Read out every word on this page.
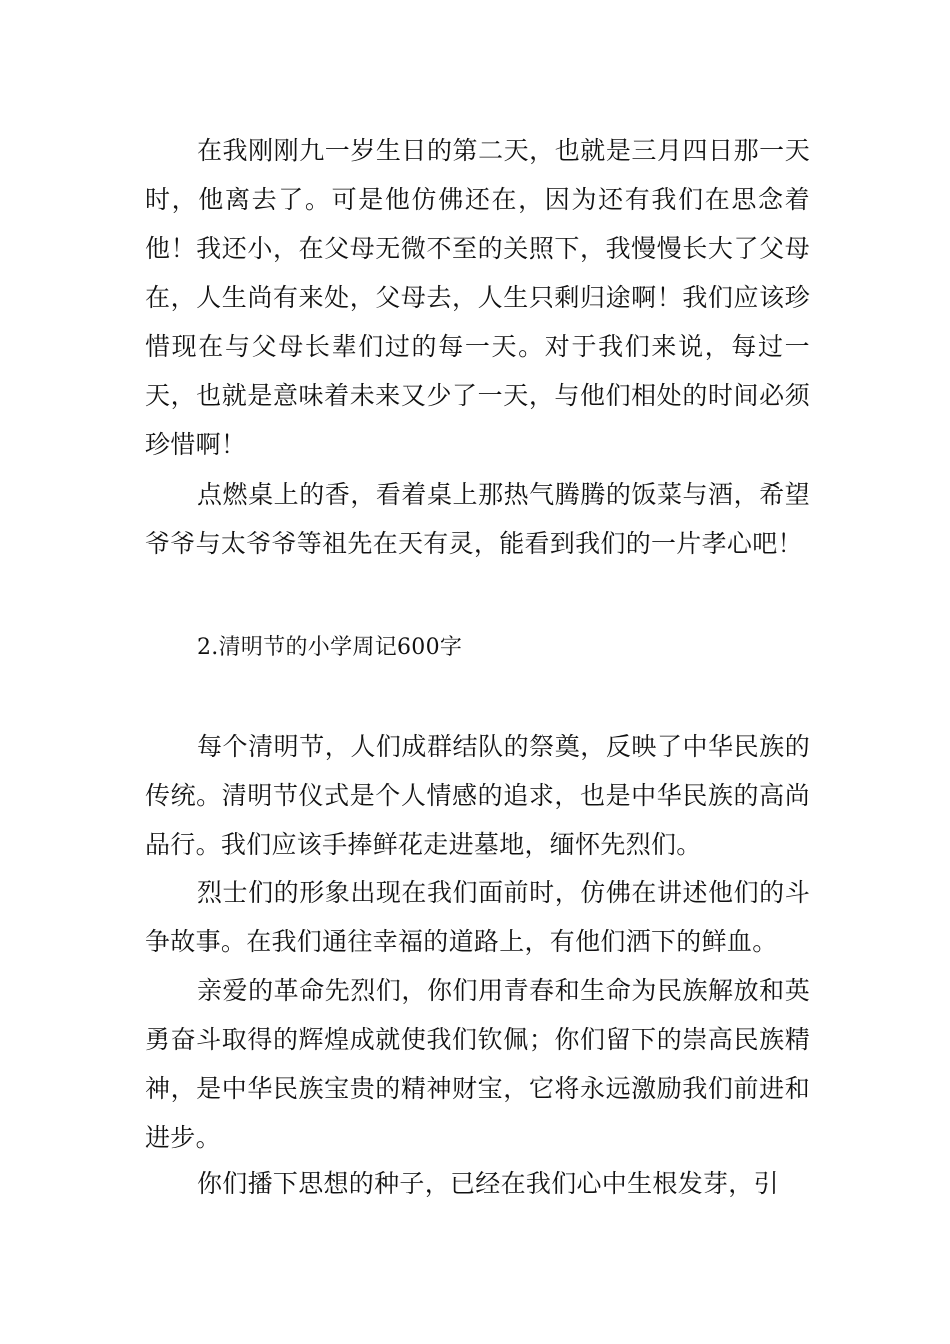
在我刚刚九一岁生日的第二天，也就是三月四日那一天时，他离去了。可是他仿佛还在，因为还有我们在思念着他！我还小，在父母无微不至的关照下，我慢慢长大了父母在，人生尚有来处，父母去，人生只剩归途啊！我们应该珍惜现在与父母长辈们过的每一天。对于我们来说，每过一天，也就是意味着未来又少了一天，与他们相处的时间必须珍惜啊！

点燃桌上的香，看着桌上那热气腾腾的饭菜与酒，希望爷爷与太爷爷等祖先在天有灵，能看到我们的一片孝心吧！

2.清明节的小学周记600字

每个清明节，人们成群结队的祭奠，反映了中华民族的传统。清明节仪式是个人情感的追求，也是中华民族的高尚品行。我们应该手捧鲜花走进墓地，缅怀先烈们。

烈士们的形象出现在我们面前时，仿佛在讲述他们的斗争故事。在我们通往幸福的道路上，有他们洒下的鲜血。

亲爱的革命先烈们，你们用青春和生命为民族解放和英勇奋斗取得的辉煌成就使我们钦佩；你们留下的崇高民族精神，是中华民族宝贵的精神财宝，它将永远激励我们前进和进步。

你们播下思想的种子，已经在我们心中生根发芽，引
